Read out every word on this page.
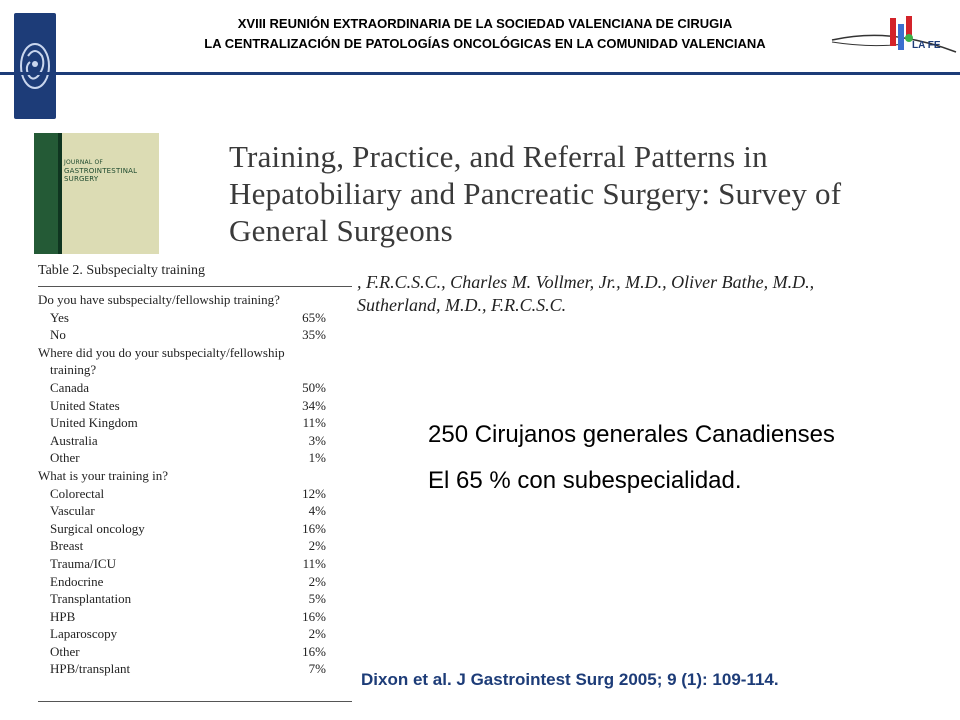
XVIII REUNIÓN EXTRAORDINARIA DE LA SOCIEDAD VALENCIANA DE CIRUGIA
LA CENTRALIZACIÓN DE PATOLOGÍAS ONCOLÓGICAS EN LA COMUNIDAD VALENCIANA	LA FE
JOURNAL OF
GASTROINTESTINAL
SURGERY
Training, Practice, and Referral Patterns in Hepatobiliary and Pancreatic Surgery: Survey of General Surgeons
, F.R.C.S.C., Charles M. Vollmer, Jr., M.D., Oliver Bathe, M.D.,
Sutherland, M.D., F.R.C.S.C.
Table 2. Subspecialty training
Do you have subspecialty/fellowship training?
Yes	65%
No	35%
Where did you do your subspecialty/fellowship
training?
Canada	50%
United States	34%
United Kingdom	11%
Australia	3%
Other	1%
What is your training in?
Colorectal	12%
Vascular	4%
Surgical oncology	16%
Breast	2%
Trauma/ICU	11%
Endocrine	2%
Transplantation	5%
HPB	16%
Laparoscopy	2%
Other	16%
HPB/transplant	7%
250 Cirujanos generales Canadienses
El 65 % con subespecialidad.
Dixon et al. J Gastrointest Surg 2005; 9 (1): 109-114.
